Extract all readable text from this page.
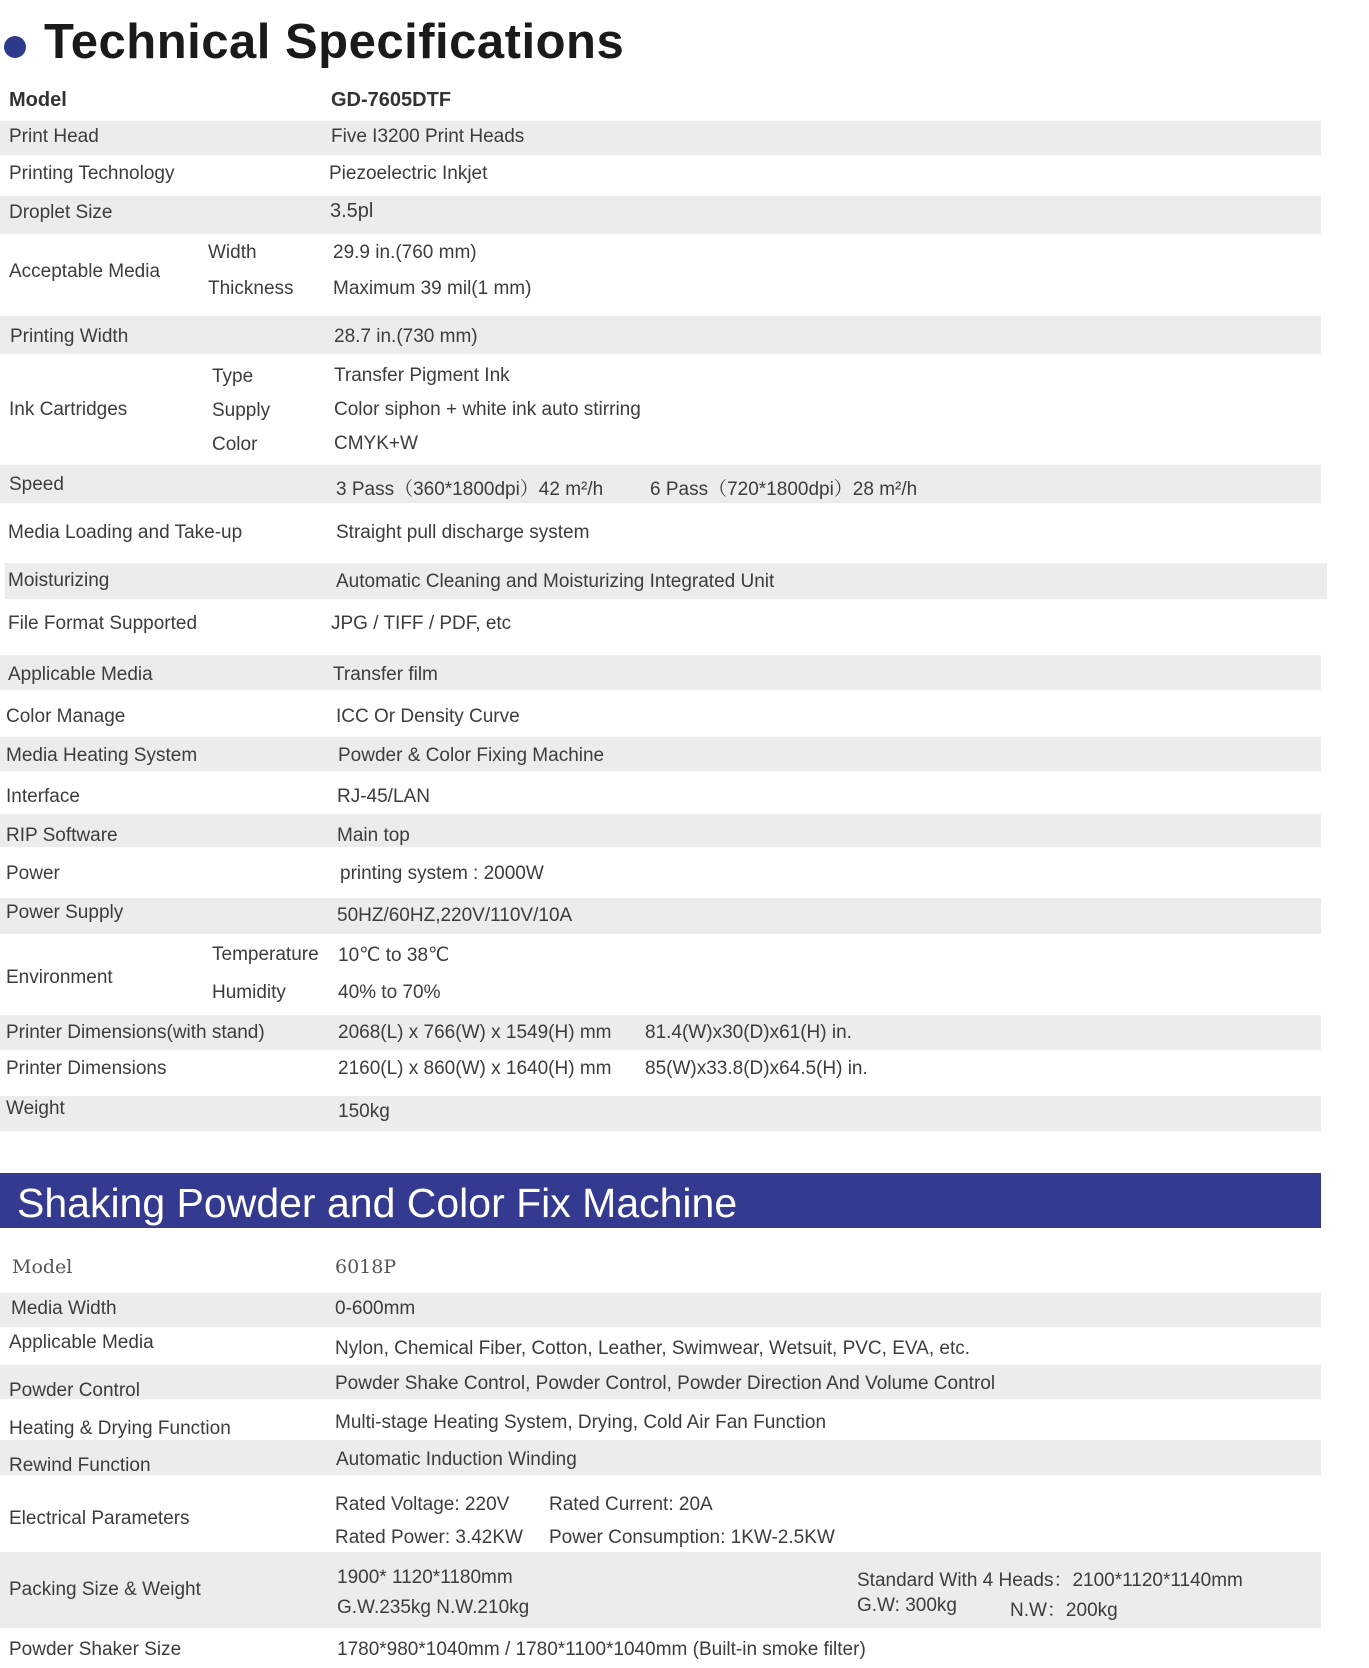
Technical Specifications
Model	GD-7605DTF
Print Head	Five I3200 Print Heads
Printing Technology	Piezoelectric Inkjet
Droplet Size	3.5pl
Acceptable Media
Width	29.9 in.(760 mm)
Thickness Maximum 39 mil(1 mm)
Printing Width	28.7 in.(730 mm)
Ink Cartridges
Type	Transfer Pigment Ink
Supply	Color siphon + white ink auto stirring
Color	CMYK+W
Speed	3 Pass（360*1800dpi）42 m²/h 6 Pass（720*1800dpi）28 m²/h
Media Loading and Take-up	Straight pull discharge system
Moisturizing	Automatic Cleaning and Moisturizing Integrated Unit
File Format Supported	JPG / TIFF / PDF, etc
Applicable Media	Transfer film
Color Manage	ICC Or Density Curve
Media Heating System	Powder & Color Fixing Machine
Interface	RJ-45/LAN
RIP Software	Main top
Power	printing system : 2000W
Power Supply	50HZ/60HZ,220V/110V/10A
Environment
Temperature 10℃ to 38℃
Humidity	40% to 70%
Printer Dimensions(with stand)	2068(L) x 766(W) x 1549(H) mm 81.4(W)x30(D)x61(H) in.
Printer Dimensions	2160(L) x 860(W) x 1640(H) mm 85(W)x33.8(D)x64.5(H) in.
Weight	150kg
Shaking Powder and Color Fix Machine
Model	6018P
Media Width	0-600mm
Applicable Media	Nylon, Chemical Fiber, Cotton, Leather, Swimwear, Wetsuit, PVC, EVA, etc.
Powder Control	Powder Shake Control, Powder Control, Powder Direction And Volume Control
Heating & Drying Function	Multi-stage Heating System, Drying, Cold Air Fan Function
Rewind Function	Automatic Induction Winding
Electrical Parameters
Rated Voltage: 220V Rated Current: 20A
Rated Power: 3.42KW Power Consumption: 1KW-2.5KW
Packing Size & Weight
1900* 1120*1180mm
G.W.235kg N.W.210kg
Standard With 4 Heads：2100*1120*1140mm
G.W: 300kg	N.W：200kg
Powder Shaker Size	1780*980*1040mm / 1780*1100*1040mm (Built-in smoke filter)
